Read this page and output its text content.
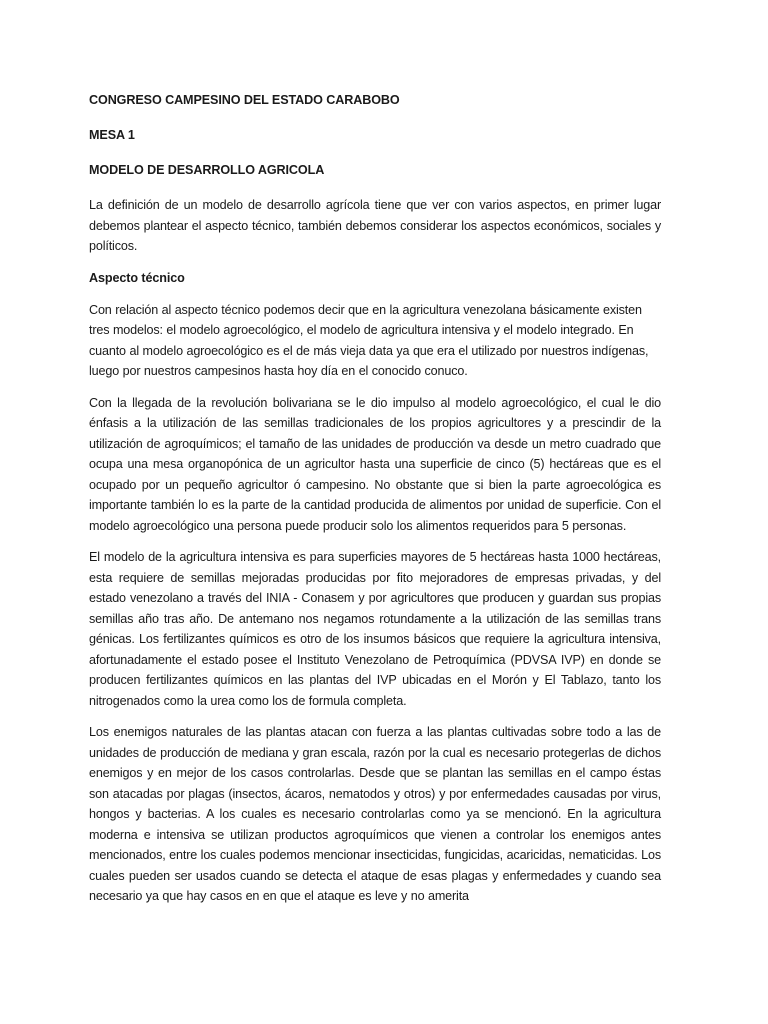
CONGRESO CAMPESINO DEL ESTADO CARABOBO

MESA 1

MODELO DE DESARROLLO AGRICOLA

La definición de un modelo de desarrollo agrícola tiene que ver con varios aspectos, en primer lugar debemos plantear el aspecto técnico, también debemos considerar los aspectos económicos, sociales y políticos.

Aspecto técnico

Con relación al aspecto técnico podemos decir que en la agricultura venezolana básicamente existen tres modelos: el modelo agroecológico, el modelo de agricultura intensiva y el modelo integrado. En cuanto al modelo agroecológico es el de más vieja data ya que era el utilizado por nuestros indígenas, luego por nuestros campesinos hasta hoy día en el conocido conuco.

Con la llegada de la revolución bolivariana se le dio impulso al modelo agroecológico, el cual le dio énfasis a la utilización de las semillas tradicionales de los propios agricultores y a prescindir de la utilización de agroquímicos; el tamaño de las unidades de producción va desde un metro cuadrado que ocupa una mesa organopónica de un agricultor hasta una superficie de cinco (5) hectáreas que es el ocupado por un pequeño agricultor ó campesino. No obstante que si bien la parte agroecológica es importante también lo es la parte de la cantidad producida de alimentos por unidad de superficie. Con el modelo agroecológico una persona puede producir solo los alimentos requeridos para 5 personas.

El modelo de la agricultura intensiva es para superficies mayores de 5 hectáreas hasta 1000 hectáreas, esta requiere de semillas mejoradas producidas por fito mejoradores de empresas privadas, y del estado venezolano a través del INIA - Conasem y por agricultores que producen y guardan sus propias semillas año tras año. De antemano nos negamos rotundamente a la utilización de las semillas trans génicas. Los fertilizantes químicos es otro de los insumos básicos que requiere la agricultura intensiva, afortunadamente el estado posee el Instituto Venezolano de Petroquímica (PDVSA IVP) en donde se producen fertilizantes químicos en las plantas del IVP ubicadas en el Morón y El Tablazo, tanto los nitrogenados como la urea como los de formula completa.

Los enemigos naturales de las plantas atacan con fuerza a las plantas cultivadas sobre todo a las de unidades de producción de mediana y gran escala, razón por la cual es necesario protegerlas de dichos enemigos y en mejor de los casos controlarlas. Desde que se plantan las semillas en el campo éstas son atacadas por plagas (insectos, ácaros, nematodos y otros) y por enfermedades causadas por virus, hongos y bacterias. A los cuales es necesario controlarlas como ya se mencionó. En la agricultura moderna e intensiva se utilizan productos agroquímicos que vienen a controlar los enemigos antes mencionados, entre los cuales podemos mencionar insecticidas, fungicidas, acaricidas, nematicidas. Los cuales pueden ser usados cuando se detecta el ataque de esas plagas y enfermedades y cuando sea necesario ya que hay casos en en que el ataque es leve y no amerita
